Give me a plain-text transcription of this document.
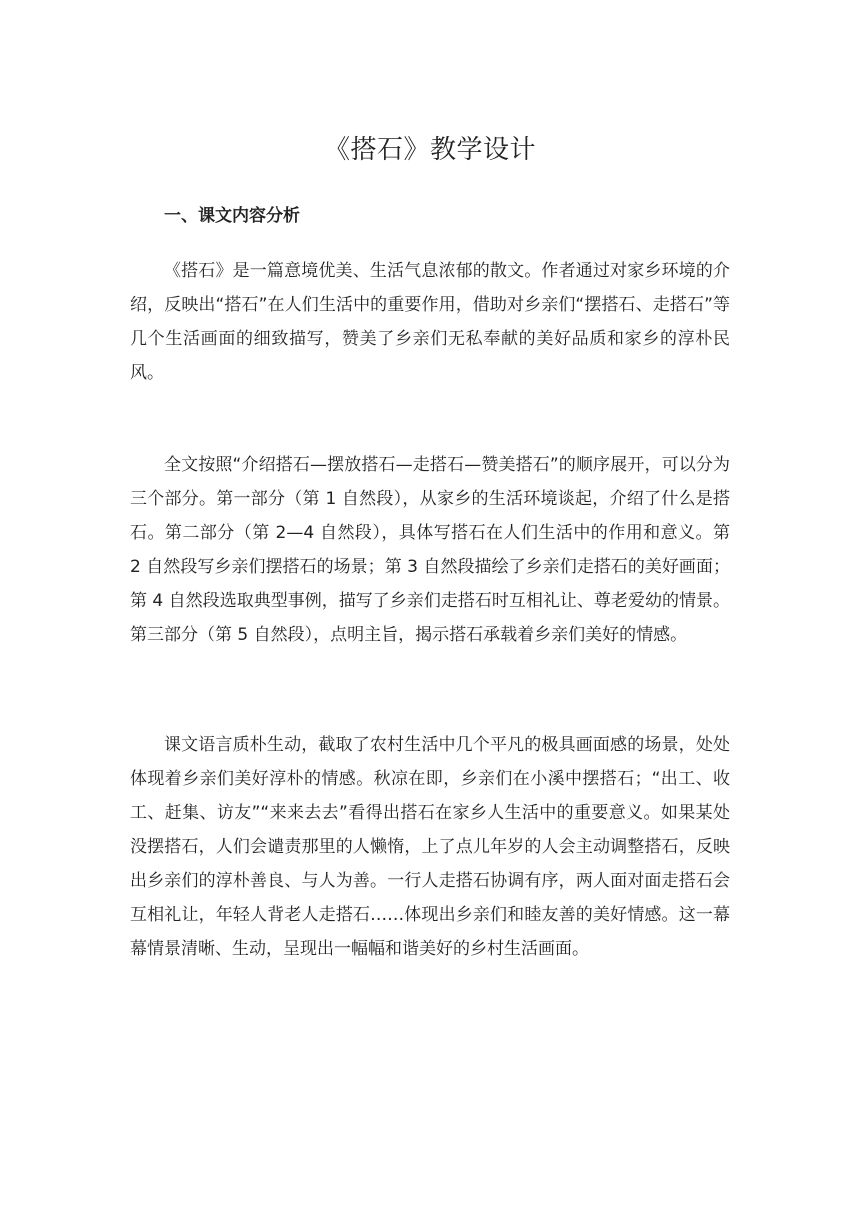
《搭石》教学设计
一、课文内容分析

《搭石》是一篇意境优美、生活气息浓郁的散文。作者通过对家乡环境的介绍，反映出“搭石”在人们生活中的重要作用，借助对乡亲们“摆搭石、走搭石”等几个生活画面的细致描写，赞美了乡亲们无私奉献的美好品质和家乡的淳朴民风。

全文按照“介绍搭石—摆放搭石—走搭石—赞美搭石”的顺序展开，可以分为三个部分。第一部分（第 1 自然段），从家乡的生活环境谈起，介绍了什么是搭石。第二部分（第 2—4 自然段），具体写搭石在人们生活中的作用和意义。第 2 自然段写乡亲们摆搭石的场景；第 3 自然段描绘了乡亲们走搭石的美好画面；第 4 自然段选取典型事例，描写了乡亲们走搭石时互相礼让、尊老爱幼的情景。第三部分（第 5 自然段），点明主旨，揭示搭石承载着乡亲们美好的情感。

课文语言质朴生动，截取了农村生活中几个平凡的极具画面感的场景，处处体现着乡亲们美好淳朴的情感。秋凉在即，乡亲们在小溪中摆搭石；“出工、收工、赶集、访友”“来来去去”看得出搭石在家乡人生活中的重要意义。如果某处没摆搭石，人们会谴责那里的人懒惰，上了点儿年岁的人会主动调整搭石，反映出乡亲们的淳朴善良、与人为善。一行人走搭石协调有序，两人面对面走搭石会互相礼让，年轻人背老人走搭石……体现出乡亲们和睦友善的美好情感。这一幕幕情景清晰、生动，呈现出一幅幅和谐美好的乡村生活画面。
